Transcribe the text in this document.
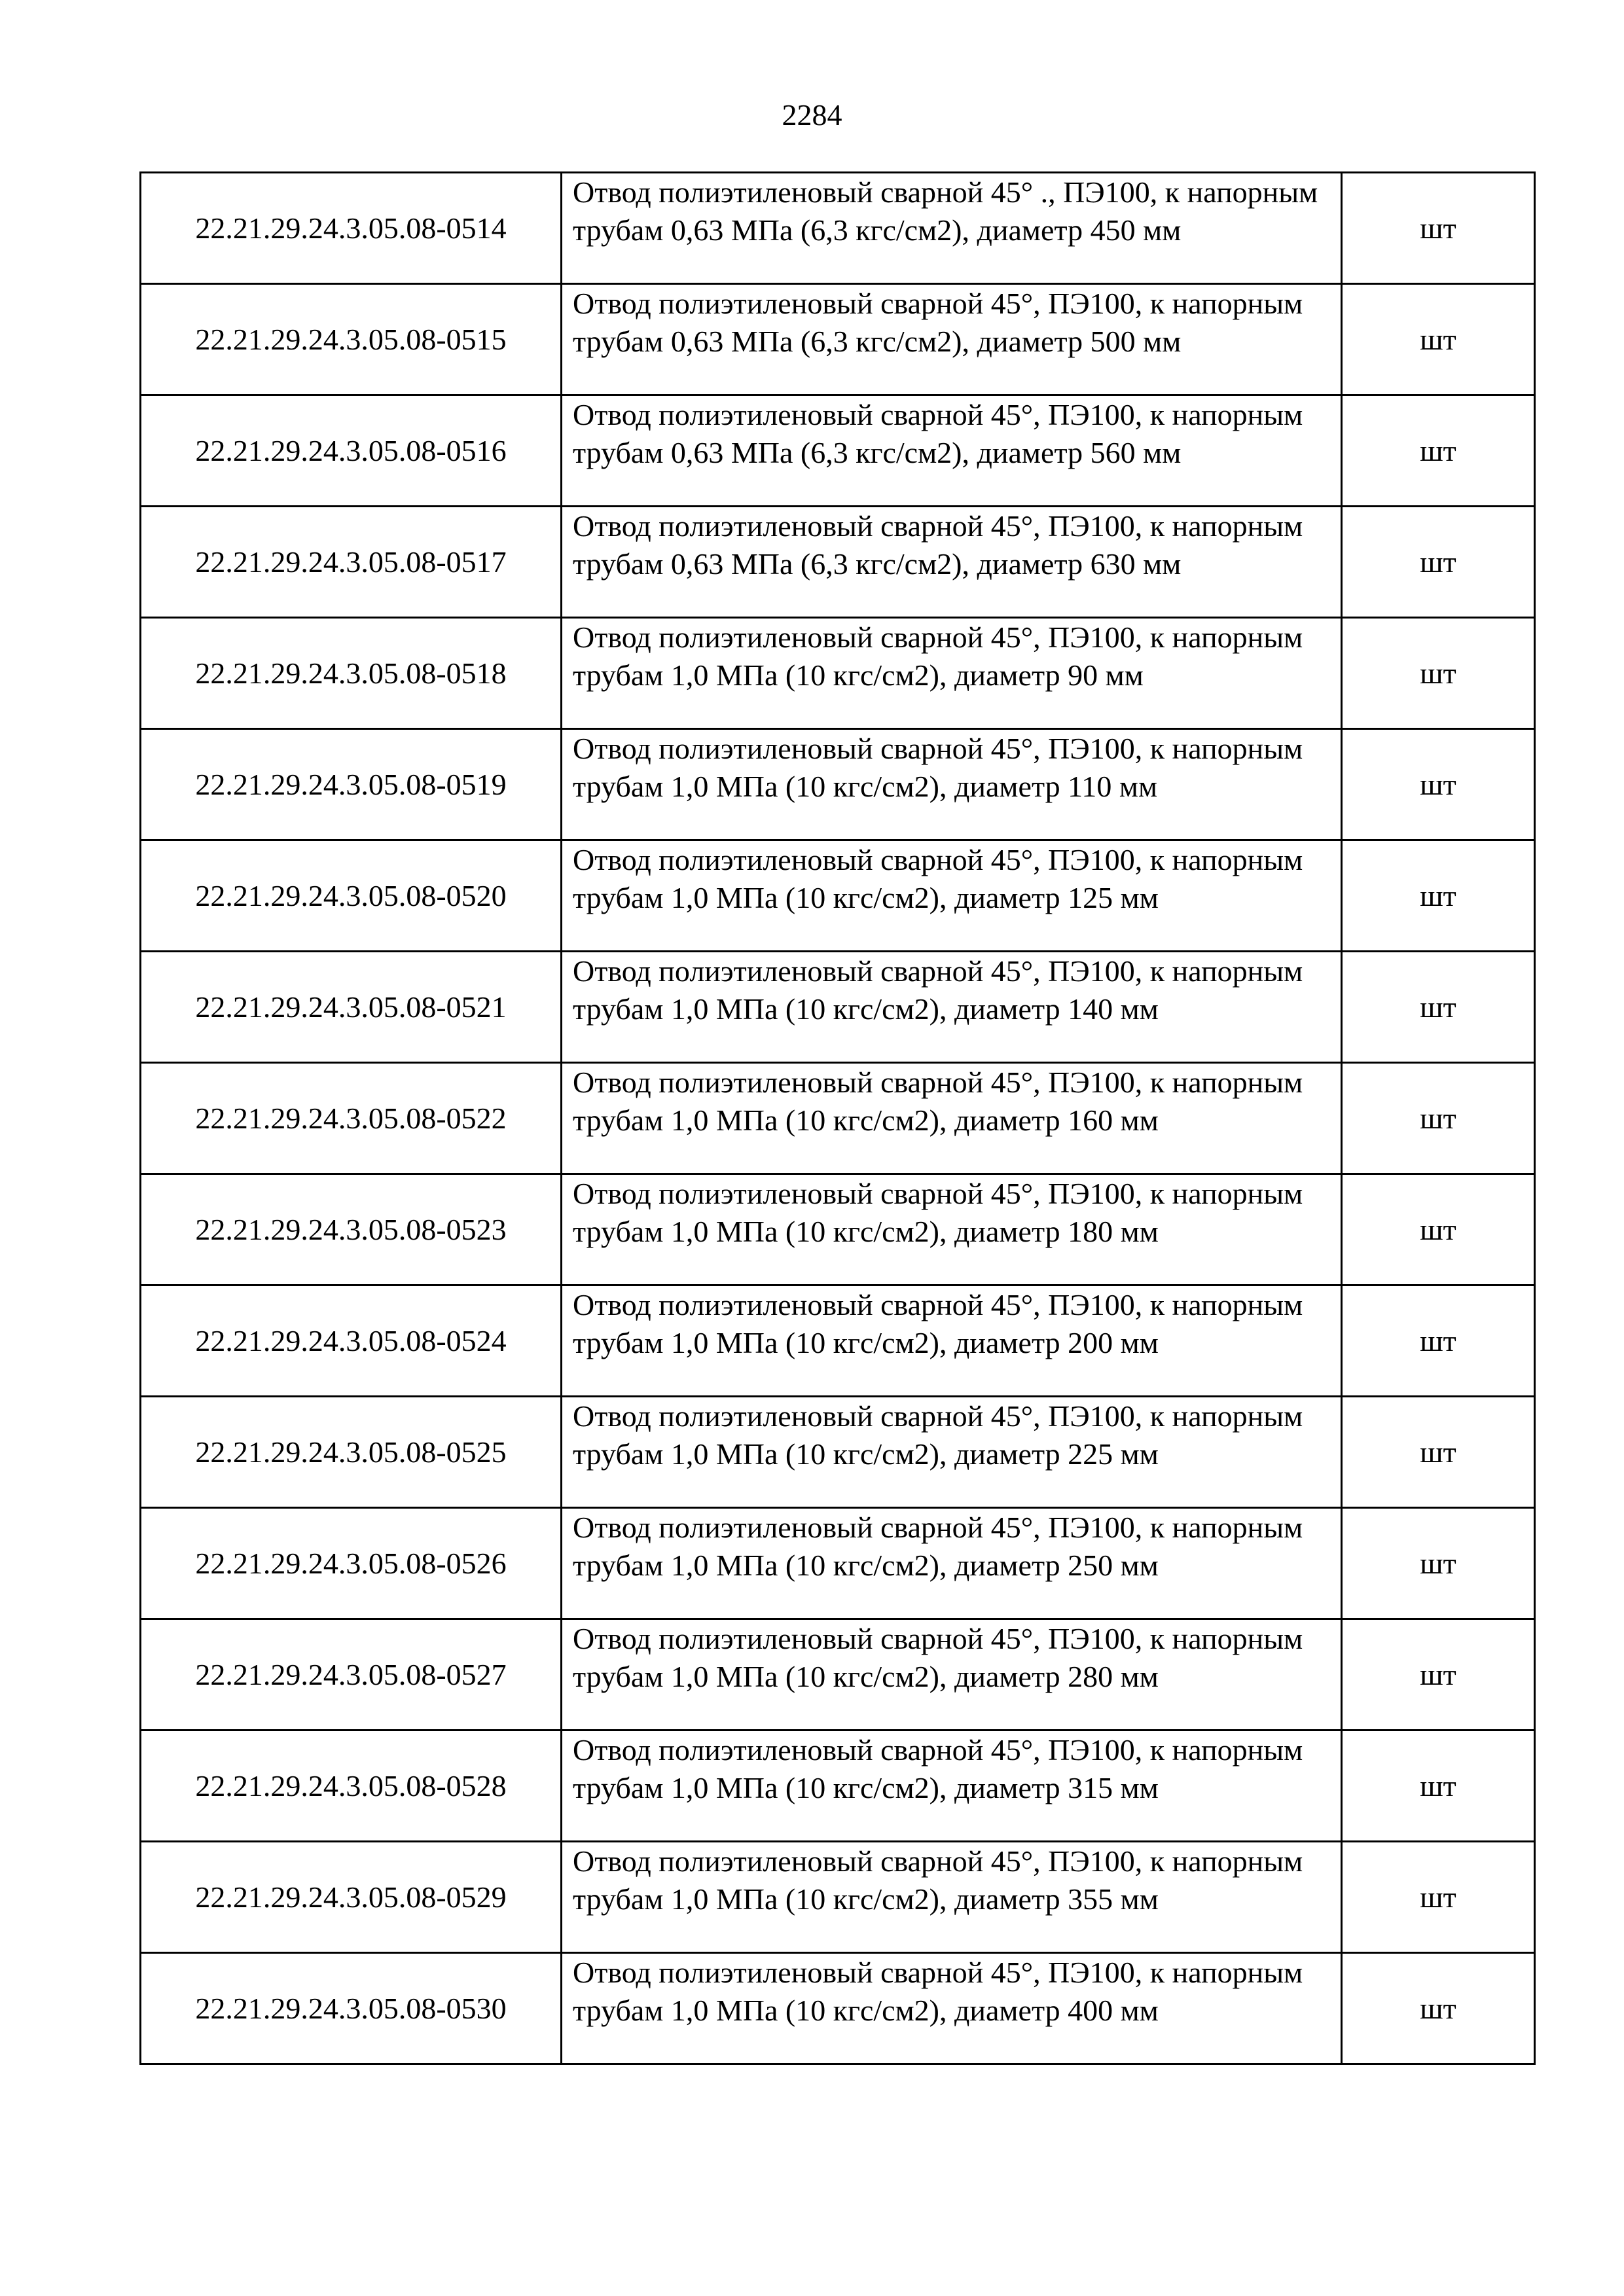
2284
22.21.29.24.3.05.08-0514	Отвод полиэтиленовый сварной 45° ., ПЭ100, к напорным трубам 0,63 МПа (6,3 кгс/см2), диаметр 450 мм	шт
22.21.29.24.3.05.08-0515	Отвод полиэтиленовый сварной 45°, ПЭ100, к напорным трубам 0,63 МПа (6,3 кгс/см2), диаметр 500 мм	шт
22.21.29.24.3.05.08-0516	Отвод полиэтиленовый сварной 45°, ПЭ100, к напорным трубам 0,63 МПа (6,3 кгс/см2), диаметр 560 мм	шт
22.21.29.24.3.05.08-0517	Отвод полиэтиленовый сварной 45°, ПЭ100, к напорным трубам 0,63 МПа (6,3 кгс/см2), диаметр 630 мм	шт
22.21.29.24.3.05.08-0518	Отвод полиэтиленовый сварной 45°, ПЭ100, к напорным трубам 1,0 МПа (10 кгс/см2), диаметр 90 мм	шт
22.21.29.24.3.05.08-0519	Отвод полиэтиленовый сварной 45°, ПЭ100, к напорным трубам 1,0 МПа (10 кгс/см2), диаметр 110 мм	шт
22.21.29.24.3.05.08-0520	Отвод полиэтиленовый сварной 45°, ПЭ100, к напорным трубам 1,0 МПа (10 кгс/см2), диаметр 125 мм	шт
22.21.29.24.3.05.08-0521	Отвод полиэтиленовый сварной 45°, ПЭ100, к напорным трубам 1,0 МПа (10 кгс/см2), диаметр 140 мм	шт
22.21.29.24.3.05.08-0522	Отвод полиэтиленовый сварной 45°, ПЭ100, к напорным трубам 1,0 МПа (10 кгс/см2), диаметр 160 мм	шт
22.21.29.24.3.05.08-0523	Отвод полиэтиленовый сварной 45°, ПЭ100, к напорным трубам 1,0 МПа (10 кгс/см2), диаметр 180 мм	шт
22.21.29.24.3.05.08-0524	Отвод полиэтиленовый сварной 45°, ПЭ100, к напорным трубам 1,0 МПа (10 кгс/см2), диаметр 200 мм	шт
22.21.29.24.3.05.08-0525	Отвод полиэтиленовый сварной 45°, ПЭ100, к напорным трубам 1,0 МПа (10 кгс/см2), диаметр 225 мм	шт
22.21.29.24.3.05.08-0526	Отвод полиэтиленовый сварной 45°, ПЭ100, к напорным трубам 1,0 МПа (10 кгс/см2), диаметр 250 мм	шт
22.21.29.24.3.05.08-0527	Отвод полиэтиленовый сварной 45°, ПЭ100, к напорным трубам 1,0 МПа (10 кгс/см2), диаметр 280 мм	шт
22.21.29.24.3.05.08-0528	Отвод полиэтиленовый сварной 45°, ПЭ100, к напорным трубам 1,0 МПа (10 кгс/см2), диаметр 315 мм	шт
22.21.29.24.3.05.08-0529	Отвод полиэтиленовый сварной 45°, ПЭ100, к напорным трубам 1,0 МПа (10 кгс/см2), диаметр 355 мм	шт
22.21.29.24.3.05.08-0530	Отвод полиэтиленовый сварной 45°, ПЭ100, к напорным трубам 1,0 МПа (10 кгс/см2), диаметр 400 мм	шт
